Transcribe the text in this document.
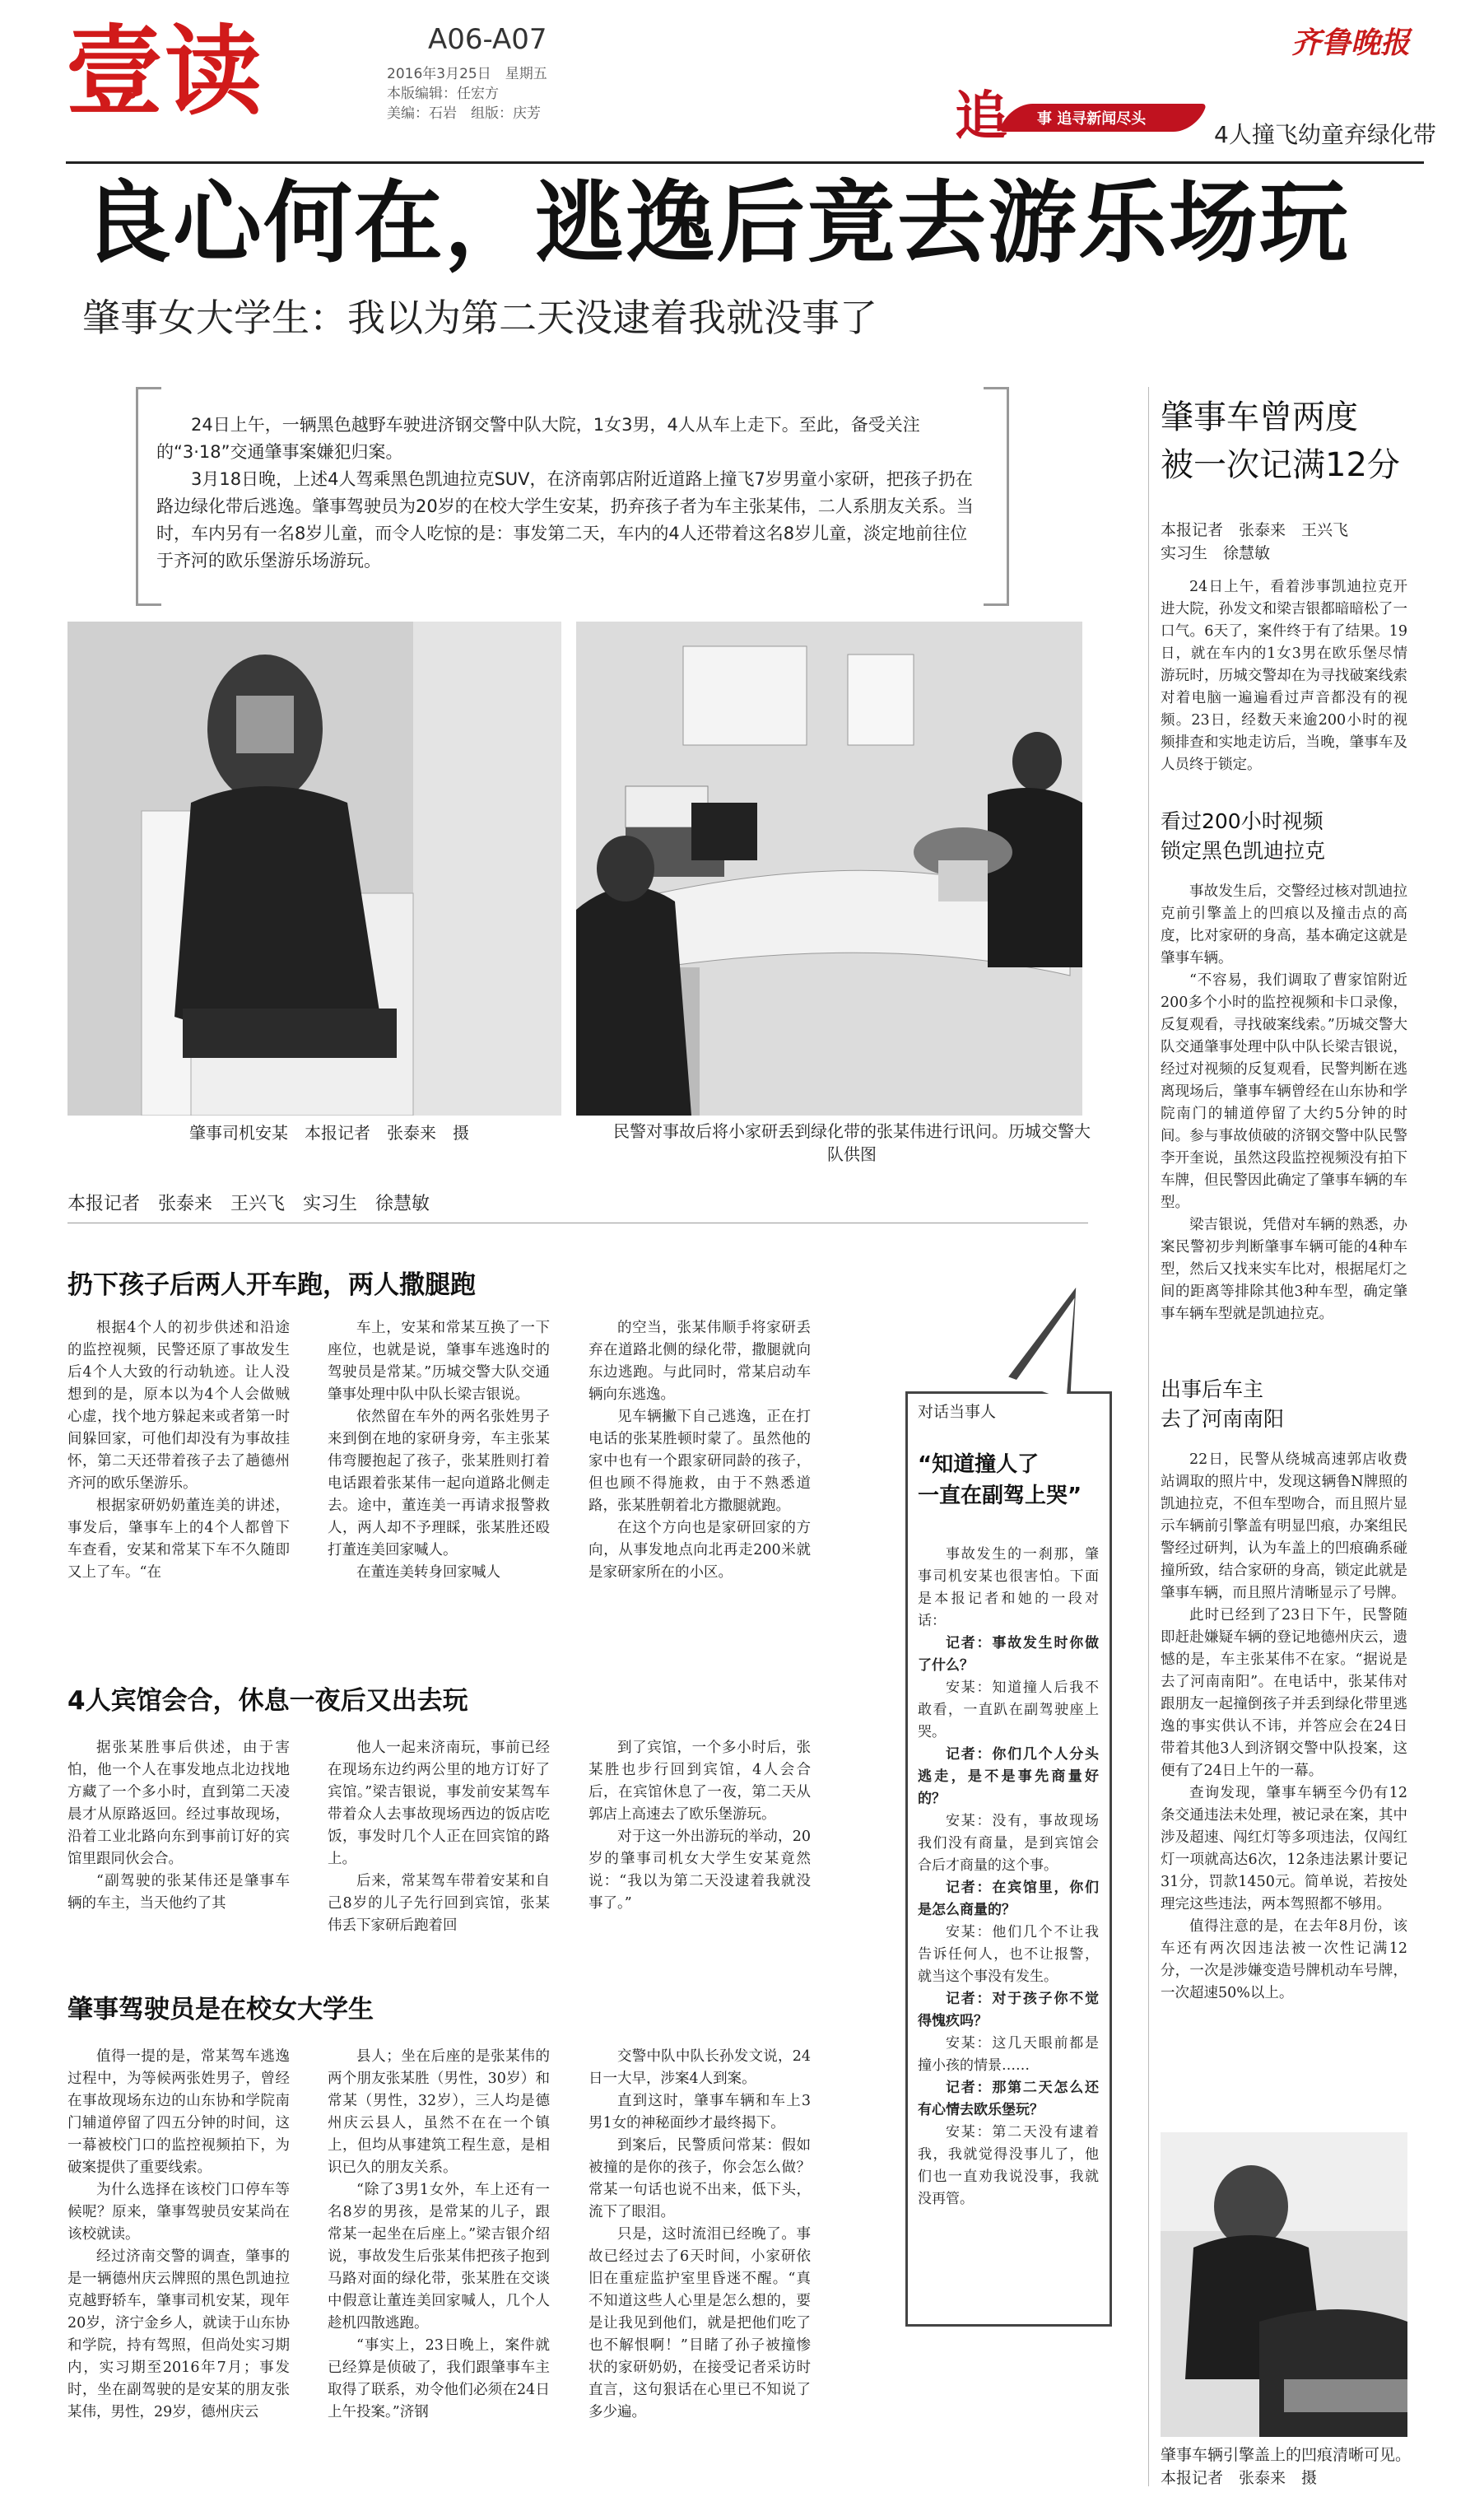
壹读	A06-A07
2016年3月25日　星期五
本版编辑：任宏方
美编：石岩　组版：庆芳
齐鲁晚报
追 事 追寻新闻尽头
4人撞飞幼童弃绿化带
良心何在，逃逸后竟去游乐场玩
肇事女大学生：我以为第二天没逮着我就没事了

24日上午，一辆黑色越野车驶进济钢交警中队大院，1女3男，4人从车上走下。至此，备受关注的“3·18”交通肇事案嫌犯归案。

3月18日晚，上述4人驾乘黑色凯迪拉克SUV，在济南郭店附近道路上撞飞7岁男童小家研，把孩子扔在路边绿化带后逃逸。肇事驾驶员为20岁的在校大学生安某，扔弃孩子者为车主张某伟，二人系朋友关系。当时，车内另有一名8岁儿童，而令人吃惊的是：事发第二天，车内的4人还带着这名8岁儿童，淡定地前往位于齐河的欧乐堡游乐场游玩。

肇事司机安某　本报记者　张泰来　摄	民警对事故后将小家研丢到绿化带的张某伟进行讯问。历城交警大队供图
本报记者　张泰来　王兴飞　实习生　徐慧敏
扔下孩子后两人开车跑，两人撒腿跑

根据4个人的初步供述和沿途的监控视频，民警还原了事故发生后4个人大致的行动轨迹。让人没想到的是，原本以为4个人会做贼心虚，找个地方躲起来或者第一时间躲回家，可他们却没有为事故挂怀，第二天还带着孩子去了趟德州齐河的欧乐堡游乐。

根据家研奶奶董连美的讲述，事发后，肇事车上的4个人都曾下车查看，安某和常某下车不久随即又上了车。“在

车上，安某和常某互换了一下座位，也就是说，肇事车逃逸时的驾驶员是常某。”历城交警大队交通肇事处理中队中队长梁吉银说。

依然留在车外的两名张姓男子来到倒在地的家研身旁，车主张某伟弯腰抱起了孩子，张某胜则打着电话跟着张某伟一起向道路北侧走去。途中，董连美一再请求报警救人，两人却不予理睬，张某胜还殴打董连美回家喊人。

在董连美转身回家喊人

的空当，张某伟顺手将家研丢弃在道路北侧的绿化带，撒腿就向东边逃跑。与此同时，常某启动车辆向东逃逸。

见车辆撇下自己逃逸，正在打电话的张某胜顿时蒙了。虽然他的家中也有一个跟家研同龄的孩子，但也顾不得施救，由于不熟悉道路，张某胜朝着北方撒腿就跑。

在这个方向也是家研回家的方向，从事发地点向北再走200米就是家研家所在的小区。

4人宾馆会合，休息一夜后又出去玩

据张某胜事后供述，由于害怕，他一个人在事发地点北边找地方藏了一个多小时，直到第二天凌晨才从原路返回。经过事故现场，沿着工业北路向东到事前订好的宾馆里跟同伙会合。

“副驾驶的张某伟还是肇事车辆的车主，当天他约了其

他人一起来济南玩，事前已经在现场东边约两公里的地方订好了宾馆。”梁吉银说，事发前安某驾车带着众人去事故现场西边的饭店吃饭，事发时几个人正在回宾馆的路上。

后来，常某驾车带着安某和自己8岁的儿子先行回到宾馆，张某伟丢下家研后跑着回

到了宾馆，一个多小时后，张某胜也步行回到宾馆，4人会合后，在宾馆休息了一夜，第二天从郭店上高速去了欧乐堡游玩。

对于这一外出游玩的举动，20岁的肇事司机女大学生安某竟然说：“我以为第二天没逮着我就没事了。”

肇事驾驶员是在校女大学生

值得一提的是，常某驾车逃逸过程中，为等候两张姓男子，曾经在事故现场东边的山东协和学院南门辅道停留了四五分钟的时间，这一幕被校门口的监控视频拍下，为破案提供了重要线索。

为什么选择在该校门口停车等候呢？原来，肇事驾驶员安某尚在该校就读。

经过济南交警的调查，肇事的是一辆德州庆云牌照的黑色凯迪拉克越野轿车，肇事司机安某，现年20岁，济宁金乡人，就读于山东协和学院，持有驾照，但尚处实习期内，实习期至2016年7月；事发时，坐在副驾驶的是安某的朋友张某伟，男性，29岁，德州庆云

县人；坐在后座的是张某伟的两个朋友张某胜（男性，30岁）和常某（男性，32岁），三人均是德州庆云县人，虽然不在在一个镇上，但均从事建筑工程生意，是相识已久的朋友关系。

“除了3男1女外，车上还有一名8岁的男孩，是常某的儿子，跟常某一起坐在后座上。”梁吉银介绍说，事故发生后张某伟把孩子抱到马路对面的绿化带，张某胜在交谈中假意让董连美回家喊人，几个人趁机四散逃跑。

“事实上，23日晚上，案件就已经算是侦破了，我们跟肇事车主取得了联系，劝令他们必须在24日上午投案。”济钢

交警中队中队长孙发文说，24日一大早，涉案4人到案。

直到这时，肇事车辆和车上3男1女的神秘面纱才最终揭下。

到案后，民警质问常某：假如被撞的是你的孩子，你会怎么做？常某一句话也说不出来，低下头，流下了眼泪。

只是，这时流泪已经晚了。事故已经过去了6天时间，小家研依旧在重症监护室里昏迷不醒。“真不知道这些人心里是怎么想的，要是让我见到他们，就是把他们吃了也不解恨啊！”目睹了孙子被撞惨状的家研奶奶，在接受记者采访时直言，这句狠话在心里已不知说了多少遍。

对话当事人
“知道撞人了
一直在副驾上哭”

事故发生的一刹那，肇事司机安某也很害怕。下面是本报记者和她的一段对话：

记者：事故发生时你做了什么？

安某：知道撞人后我不敢看，一直趴在副驾驶座上哭。

记者：你们几个人分头逃走，是不是事先商量好的？

安某：没有，事故现场我们没有商量，是到宾馆会合后才商量的这个事。

记者：在宾馆里，你们是怎么商量的？

安某：他们几个不让我告诉任何人，也不让报警，就当这个事没有发生。

记者：对于孩子你不觉得愧疚吗？

安某：这几天眼前都是撞小孩的情景……

记者：那第二天怎么还有心情去欧乐堡玩？

安某：第二天没有逮着我，我就觉得没事儿了，他们也一直劝我说没事，我就没再管。

肇事车曾两度
被一次记满12分
本报记者　张泰来　王兴飞
实习生　徐慧敏

24日上午，看着涉事凯迪拉克开进大院，孙发文和梁吉银都暗暗松了一口气。6天了，案件终于有了结果。19日，就在车内的1女3男在欧乐堡尽情游玩时，历城交警却在为寻找破案线索对着电脑一遍遍看过声音都没有的视频。23日，经数天来逾200小时的视频排查和实地走访后，当晚，肇事车及人员终于锁定。

看过200小时视频
锁定黑色凯迪拉克

事故发生后，交警经过核对凯迪拉克前引擎盖上的凹痕以及撞击点的高度，比对家研的身高，基本确定这就是肇事车辆。

“不容易，我们调取了曹家馆附近200多个小时的监控视频和卡口录像，反复观看，寻找破案线索。”历城交警大队交通肇事处理中队中队长梁吉银说，经过对视频的反复观看，民警判断在逃离现场后，肇事车辆曾经在山东协和学院南门的辅道停留了大约5分钟的时间。参与事故侦破的济钢交警中队民警李开奎说，虽然这段监控视频没有拍下车牌，但民警因此确定了肇事车辆的车型。

梁吉银说，凭借对车辆的熟悉，办案民警初步判断肇事车辆可能的4种车型，然后又找来实车比对，根据尾灯之间的距离等排除其他3种车型，确定肇事车辆车型就是凯迪拉克。

出事后车主
去了河南南阳

22日，民警从绕城高速郭店收费站调取的照片中，发现这辆鲁N牌照的凯迪拉克，不但车型吻合，而且照片显示车辆前引擎盖有明显凹痕，办案组民警经过研判，认为车盖上的凹痕确系碰撞所致，结合家研的身高，锁定此就是肇事车辆，而且照片清晰显示了号牌。

此时已经到了23日下午，民警随即赶赴嫌疑车辆的登记地德州庆云，遗憾的是，车主张某伟不在家。“据说是去了河南南阳”。在电话中，张某伟对跟朋友一起撞倒孩子并丢到绿化带里逃逸的事实供认不讳，并答应会在24日带着其他3人到济钢交警中队投案，这便有了24日上午的一幕。

查询发现，肇事车辆至今仍有12条交通违法未处理，被记录在案，其中涉及超速、闯红灯等多项违法，仅闯红灯一项就高达6次，12条违法累计要记31分，罚款1450元。简单说，若按处理完这些违法，两本驾照都不够用。

值得注意的是，在去年8月份，该车还有两次因违法被一次性记满12分，一次是涉嫌变造号牌机动车号牌，一次超速50%以上。

肇事车辆引擎盖上的凹痕清晰可见。本报记者　张泰来　摄
